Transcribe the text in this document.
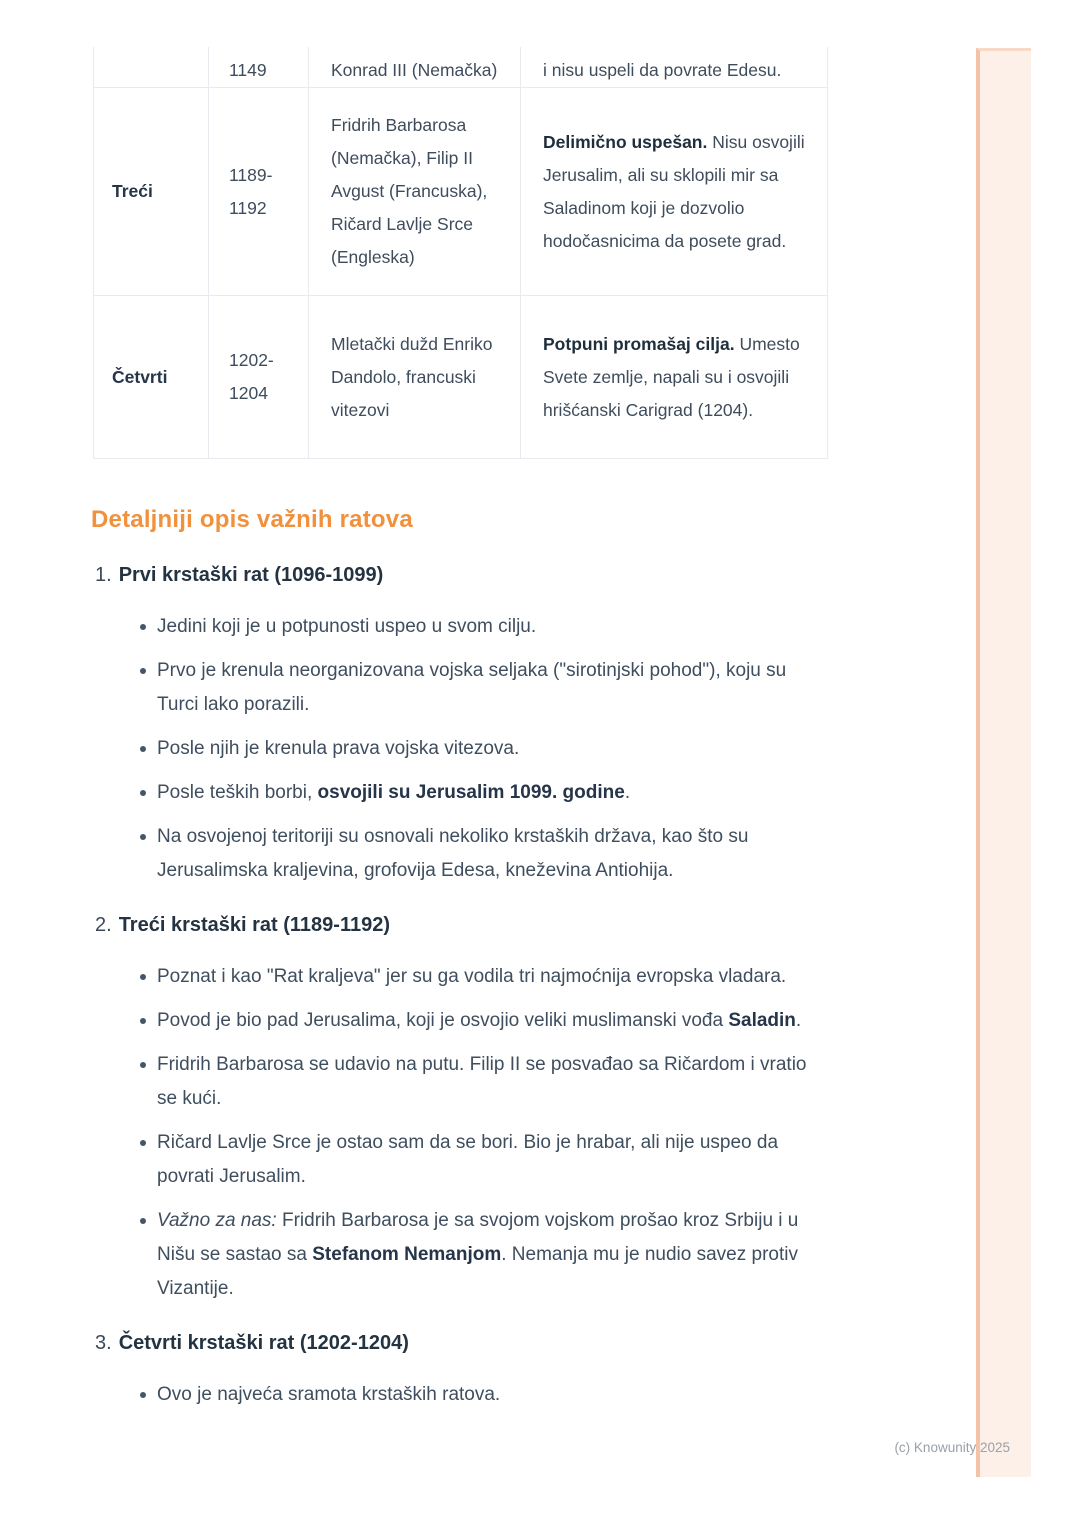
	1149	Konrad III (Nemačka)	i nisu uspeli da povrate Edesu.
Treći	1189-1192	Fridrih Barbarosa (Nemačka), Filip II Avgust (Francuska), Ričard Lavlje Srce (Engleska)	Delimično uspešan. Nisu osvojili Jerusalim, ali su sklopili mir sa Saladinom koji je dozvolio hodočasnicima da posete grad.
Četvrti	1202-1204	Mletački dužd Enriko Dandolo, francuski vitezovi	Potpuni promašaj cilja. Umesto Svete zemlje, napali su i osvojili hrišćanski Carigrad (1204).
Detaljniji opis važnih ratova
1. Prvi krstaški rat (1096-1099)
Jedini koji je u potpunosti uspeo u svom cilju.
Prvo je krenula neorganizovana vojska seljaka ("sirotinjski pohod"), koju su Turci lako porazili.
Posle njih je krenula prava vojska vitezova.
Posle teških borbi, osvojili su Jerusalim 1099. godine.
Na osvojenoj teritoriji su osnovali nekoliko krstaških država, kao što su Jerusalimska kraljevina, grofovija Edesa, kneževina Antiohija.
2. Treći krstaški rat (1189-1192)
Poznat i kao "Rat kraljeva" jer su ga vodila tri najmoćnija evropska vladara.
Povod je bio pad Jerusalima, koji je osvojio veliki muslimanski vođa Saladin.
Fridrih Barbarosa se udavio na putu. Filip II se posvađao sa Ričardom i vratio se kući.
Ričard Lavlje Srce je ostao sam da se bori. Bio je hrabar, ali nije uspeo da povrati Jerusalim.
Važno za nas: Fridrih Barbarosa je sa svojom vojskom prošao kroz Srbiju i u Nišu se sastao sa Stefanom Nemanjom. Nemanja mu je nudio savez protiv Vizantije.
3. Četvrti krstaški rat (1202-1204)
Ovo je najveća sramota krstaških ratova.
(c) Knowunity 2025
